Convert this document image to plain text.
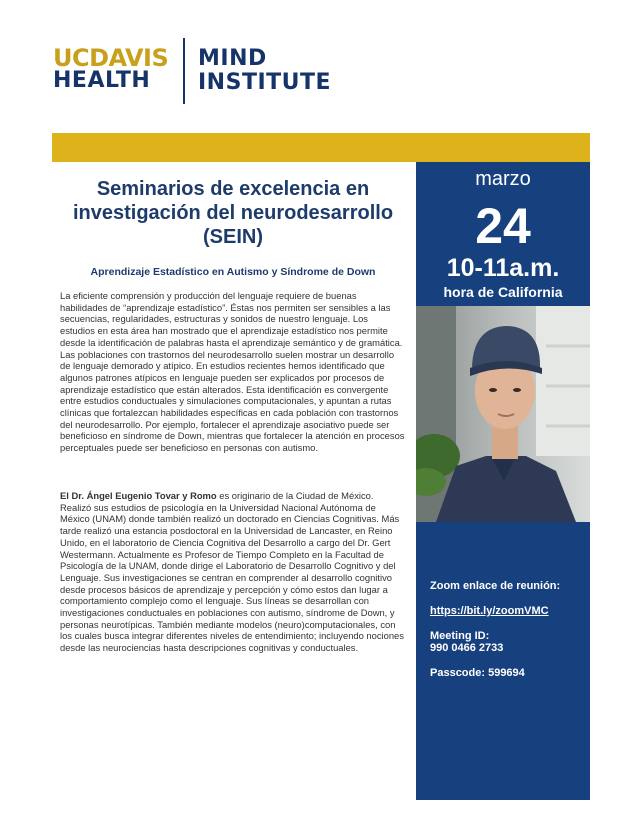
UCDAVIS
HEALTH
MIND
INSTITUTE
marzo
24
10-11a.m.
hora de California
Zoom enlace de reunión:
https://bit.ly/zoomVMC
Meeting ID:
990 0466 2733
Passcode: 599694
Seminarios de excelencia en investigación del neurodesarrollo (SEIN)
Aprendizaje Estadístico en Autismo y Síndrome de Down

La eficiente comprensión y producción del lenguaje requiere de buenas habilidades de “aprendizaje estadístico”. Éstas nos permiten ser sensibles a las secuencias, regularidades, estructuras y sonidos de nuestro lenguaje. Los estudios en esta área han mostrado que el aprendizaje estadístico nos permite desde la identificación de palabras hasta el aprendizaje semántico y de gramática. Las poblaciones con trastornos del neurodesarrollo suelen mostrar un desarrollo de lenguaje demorado y atípico. En estudios recientes hemos identificado que algunos patrones atípicos en lenguaje pueden ser explicados por procesos de aprendizaje estadístico que están alterados. Esta identificación es convergente entre estudios conductuales y simulaciones computacionales, y apuntan a rutas clínicas que fortalezcan habilidades específicas en cada población con trastornos del neurodesarrollo. Por ejemplo, fortalecer el aprendizaje asociativo puede ser beneficioso en síndrome de Down, mientras que fortalecer la atención en procesos perceptuales puede ser beneficioso en personas con autismo.

El Dr. Ángel Eugenio Tovar y Romo es originario de la Ciudad de México. Realizó sus estudios de psicología en la Universidad Nacional Autónoma de México (UNAM) donde también realizó un doctorado en Ciencias Cognitivas. Más tarde realizó una estancia posdoctoral en la Universidad de Lancaster, en Reino Unido, en el laboratorio de Ciencia Cognitiva del Desarrollo a cargo del Dr. Gert Westermann. Actualmente es Profesor de Tiempo Completo en la Facultad de Psicología de la UNAM, donde dirige el Laboratorio de Desarrollo Cognitivo y del Lenguaje. Sus investigaciones se centran en comprender al desarrollo cognitivo desde procesos básicos de aprendizaje y percepción y cómo estos dan lugar a comportamiento complejo como el lenguaje. Sus líneas se desarrollan con investigaciones conductuales en poblaciones con autismo, síndrome de Down, y personas neurotípicas. También mediante modelos (neuro)computacionales, con los cuales busca integrar diferentes niveles de entendimiento; incluyendo nociones desde las neurociencias hasta descripciones cognitivas y conductuales.
